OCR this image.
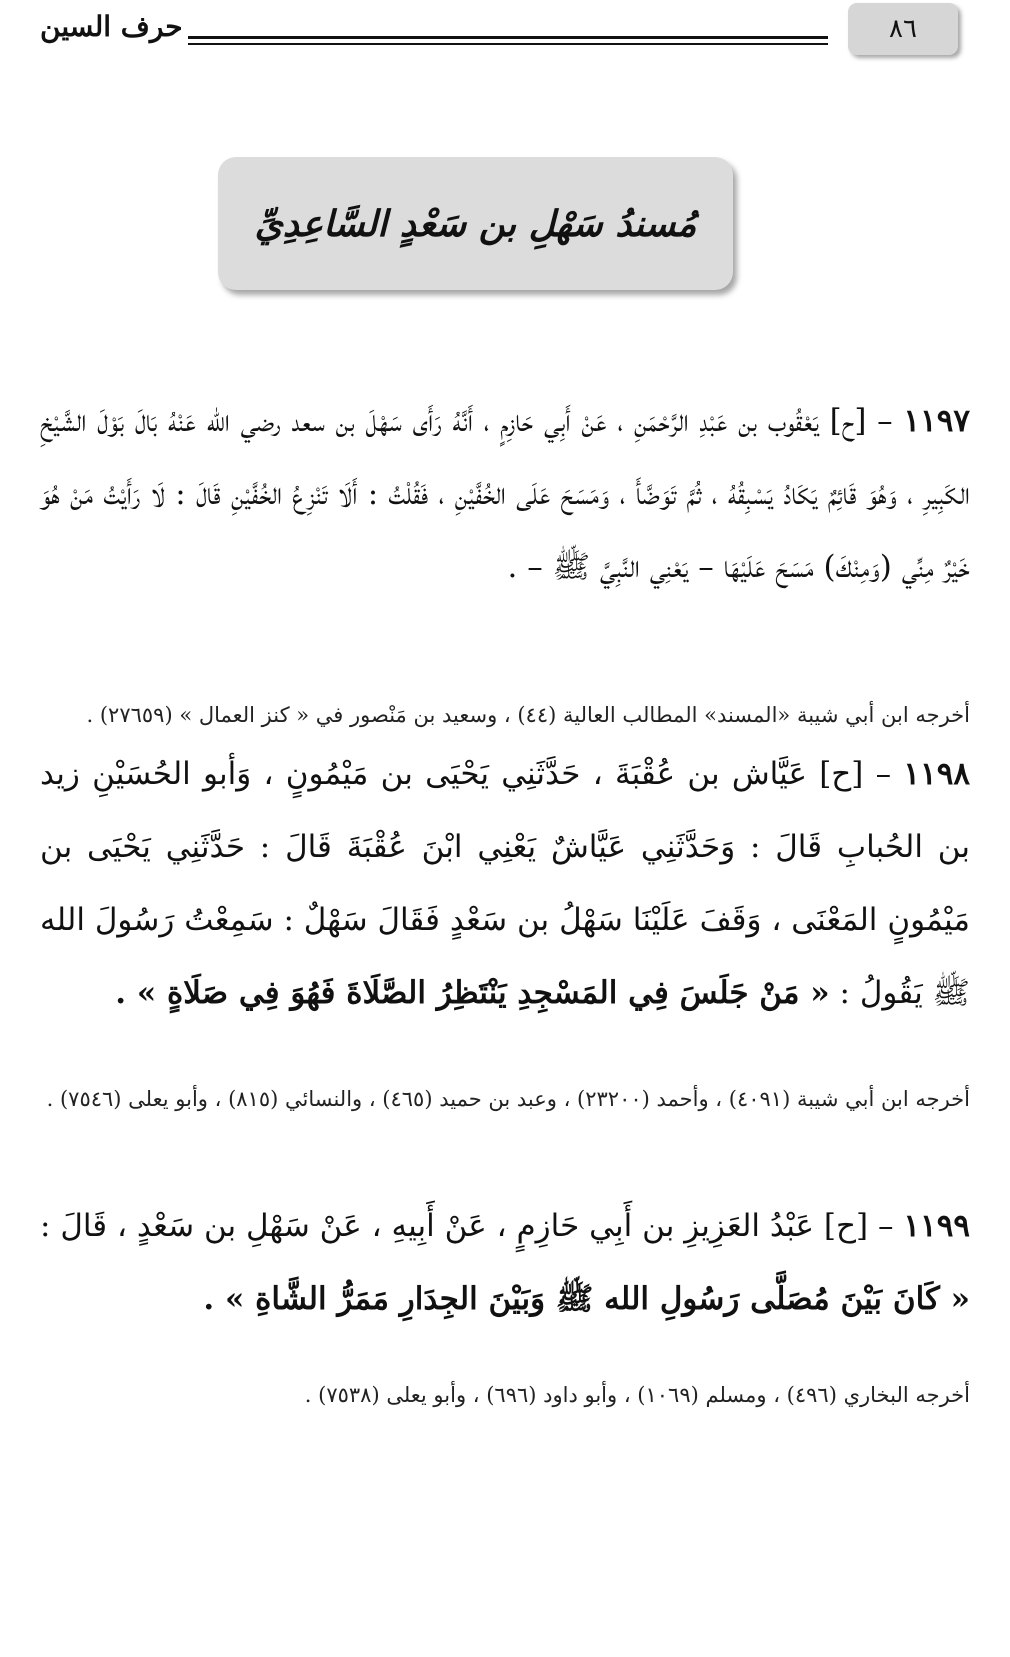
٨٦
حرف السين
مُسندُ سَهْلِ بن سَعْدٍ السَّاعِدِيِّ

١١٩٧ – [ح] يَعْقُوب بن عَبْدِ الرَّحْمَنِ ، عَنْ أَبِي حَازِمٍ ، أَنَّهُ رَأَى سَهْلَ بن سعد رضي الله عَنْهُ بَالَ بَوْلَ الشَّيْخِ الكَبِيرِ ، وَهُوَ قَائِمٌ يَكَادُ يَسْبِقُهُ ، ثُمَّ تَوَضَّأَ ، وَمَسَحَ عَلَى الخُفَّيْنِ ، فَقُلْتُ : أَلَا تَنْزِعُ الخُفَّيْنِ قَالَ : لَا رَأَيْتُ مَنْ هُوَ خَيْرٌ مِنِّي (وَمِنْكَ) مَسَحَ عَلَيْهَا – يَعْنِي النَّبِيَّ ﷺ – .

أخرجه ابن أبي شيبة «المسند» المطالب العالية (٤٤) ، وسعيد بن مَنْصور في « كنز العمال » (٢٧٦٥٩) .

١١٩٨ – [ح] عَيَّاش بن عُقْبَةَ ، حَدَّثَنِي يَحْيَى بن مَيْمُونٍ ، وَأبو الحُسَيْنِ زيد بن الحُبابِ قَالَ : وَحَدَّثَنِي عَيَّاشٌ يَعْنِي ابْنَ عُقْبَةَ قَالَ : حَدَّثَنِي يَحْيَى بن مَيْمُونٍ المَعْنَى ، وَقَفَ عَلَيْنَا سَهْلُ بن سَعْدٍ فَقَالَ سَهْلٌ : سَمِعْتُ رَسُولَ الله ﷺ يَقُولُ : « مَنْ جَلَسَ فِي المَسْجِدِ يَنْتَظِرُ الصَّلَاةَ فَهُوَ فِي صَلَاةٍ » .

أخرجه ابن أبي شيبة (٤٠٩١) ، وأحمد (٢٣٢٠٠) ، وعبد بن حميد (٤٦٥) ، والنسائي (٨١٥) ، وأبو يعلى (٧٥٤٦) .

١١٩٩ – [ح] عَبْدُ العَزِيزِ بن أَبِي حَازِمٍ ، عَنْ أَبِيهِ ، عَنْ سَهْلِ بن سَعْدٍ ، قَالَ : « كَانَ بَيْنَ مُصَلَّى رَسُولِ الله ﷺ وَبَيْنَ الجِدَارِ مَمَرُّ الشَّاةِ » .

أخرجه البخاري (٤٩٦) ، ومسلم (١٠٦٩) ، وأبو داود (٦٩٦) ، وأبو يعلى (٧٥٣٨) .
